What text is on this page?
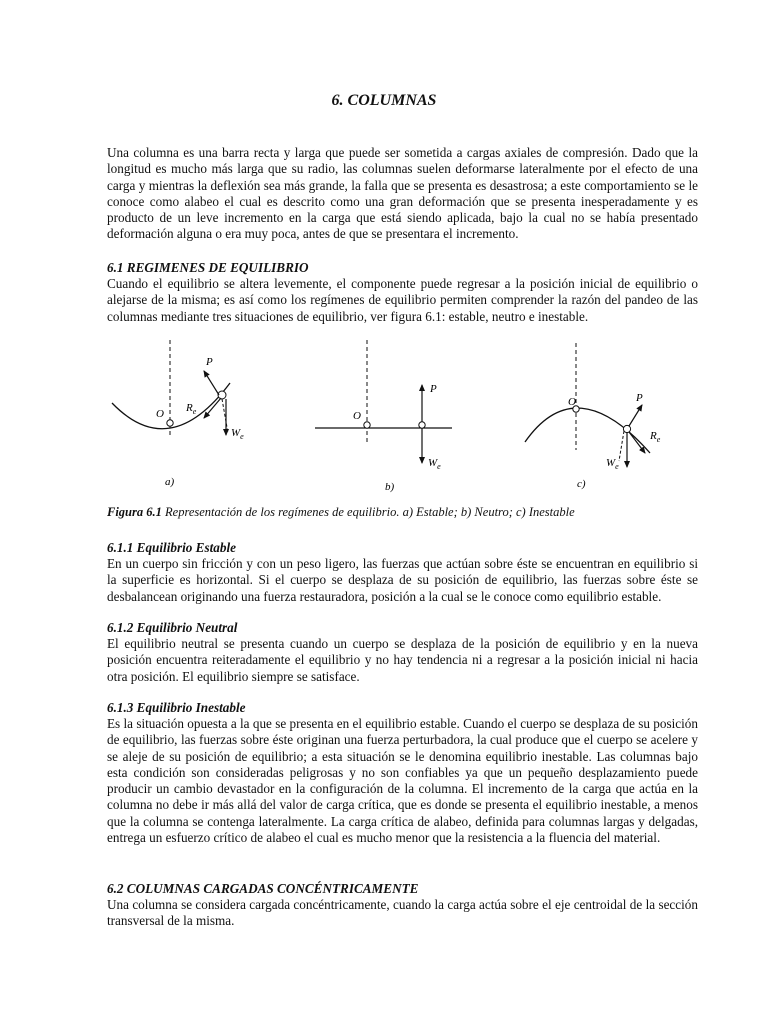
6. COLUMNAS

Una columna es una barra recta y larga que puede ser sometida a cargas axiales de compresión. Dado que la longitud es mucho más larga que su radio, las columnas suelen deformarse lateralmente por el efecto de una carga y mientras la deflexión sea más grande, la falla que se presenta es desastrosa; a este comportamiento se le conoce como alabeo el cual es descrito como una gran deformación que se presenta inesperadamente y es producto de un leve incremento en la carga que está siendo aplicada, bajo la cual no se había presentado deformación alguna o era muy poca, antes de que se presentara el incremento.

6.1 REGIMENES DE EQUILIBRIO

Cuando el equilibrio se altera levemente, el componente puede regresar a la posición inicial de equilibrio o alejarse de la misma; es así como los regímenes de equilibrio permiten comprender la razón del pandeo de las columnas mediante tres situaciones de equilibrio, ver figura 6.1: estable, neutro e inestable.

O
P
$R_e$
$W_e$
a)
O
P
$W_e$
b)
O	P
$R_e$
$W_e$
c)
Figura 6.1 Representación de los regímenes de equilibrio. a) Estable; b) Neutro; c) Inestable

6.1.1 Equilibrio Estable

En un cuerpo sin fricción y con un peso ligero, las fuerzas que actúan sobre éste se encuentran en equilibrio si la superficie es horizontal. Si el cuerpo se desplaza de su posición de equilibrio, las fuerzas sobre éste se desbalancean originando una fuerza restauradora, posición a la cual se le conoce como equilibrio estable.

6.1.2 Equilibrio Neutral

El equilibrio neutral se presenta cuando un cuerpo se desplaza de la posición de equilibrio y en la nueva posición encuentra reiteradamente el equilibrio y no hay tendencia ni a regresar a la posición inicial ni hacia otra posición. El equilibrio siempre se satisface.

6.1.3 Equilibrio Inestable

Es la situación opuesta a la que se presenta en el equilibrio estable. Cuando el cuerpo se desplaza de su posición de equilibrio, las fuerzas sobre éste originan una fuerza perturbadora, la cual produce que el cuerpo se acelere y se aleje de su posición de equilibrio; a esta situación se le denomina equilibrio inestable. Las columnas bajo esta condición son consideradas peligrosas y no son confiables ya que un pequeño desplazamiento puede producir un cambio devastador en la configuración de la columna. El incremento de la carga que actúa en la columna no debe ir más allá del valor de carga crítica, que es donde se presenta el equilibrio inestable, a menos que la columna se contenga lateralmente. La carga crítica de alabeo, definida para columnas largas y delgadas, entrega un esfuerzo crítico de alabeo el cual es mucho menor que la resistencia a la fluencia del material.

6.2 COLUMNAS CARGADAS CONCÉNTRICAMENTE

Una columna se considera cargada concéntricamente, cuando la carga actúa sobre el eje centroidal de la sección transversal de la misma.
